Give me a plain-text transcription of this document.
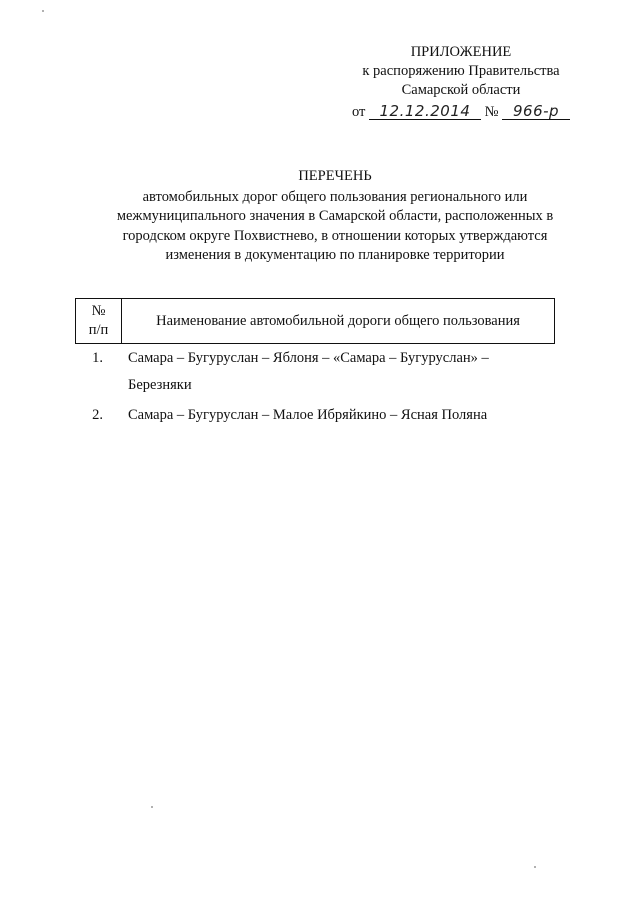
ПРИЛОЖЕНИЕ
к распоряжению Правительства
Самарской области
от 12.12.2014 № 966-р
ПЕРЕЧЕНЬ
автомобильных дорог общего пользования регионального или
межмуниципального значения в Самарской области, расположенных в
городском округе Похвистнево, в отношении которых утверждаются
изменения в документацию по планировке территории
№
п/п
Наименование автомобильной дороги общего пользования
1.	Самара – Бугуруслан – Яблоня – «Самара – Бугуруслан» –
Березняки
2.	Самара – Бугуруслан – Малое Ибряйкино – Ясная Поляна
